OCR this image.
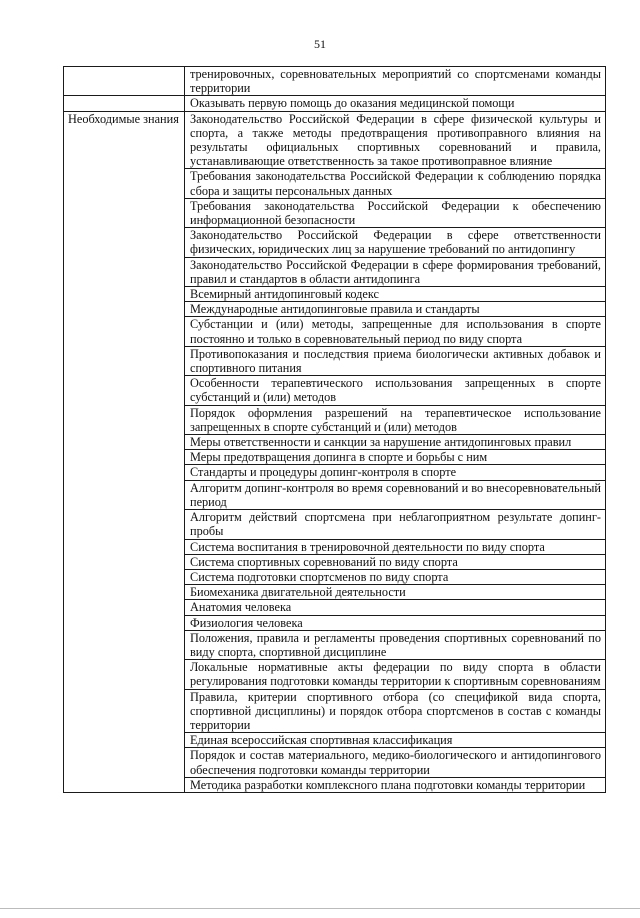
51
	тренировочных, соревновательных мероприятий со спортсменами команды территории
	Оказывать первую помощь до оказания медицинской помощи
Необходимые знания	Законодательство Российской Федерации в сфере физической культуры и спорта, а также методы предотвращения противоправного влияния на результаты официальных спортивных соревнований и правила, устанавливающие ответственность за такое противоправное влияние
	Требования законодательства Российской Федерации к соблюдению порядка сбора и защиты персональных данных
	Требования законодательства Российской Федерации к обеспечению информационной безопасности
	Законодательство Российской Федерации в сфере ответственности физических, юридических лиц за нарушение требований по антидопингу
	Законодательство Российской Федерации в сфере формирования требований, правил и стандартов в области антидопинга
	Всемирный антидопинговый кодекс
	Международные антидопинговые правила и стандарты
	Субстанции и (или) методы, запрещенные для использования в спорте постоянно и только в соревновательный период по виду спорта
	Противопоказания и последствия приема биологически активных добавок и спортивного питания
	Особенности терапевтического использования запрещенных в спорте субстанций и (или) методов
	Порядок оформления разрешений на терапевтическое использование запрещенных в спорте субстанций и (или) методов
	Меры ответственности и санкции за нарушение антидопинговых правил
	Меры предотвращения допинга в спорте и борьбы с ним
	Стандарты и процедуры допинг-контроля в спорте
	Алгоритм допинг-контроля во время соревнований и во внесоревновательный период
	Алгоритм действий спортсмена при неблагоприятном результате допинг-пробы
	Система воспитания в тренировочной деятельности по виду спорта
	Система спортивных соревнований по виду спорта
	Система подготовки спортсменов по виду спорта
	Биомеханика двигательной деятельности
	Анатомия человека
	Физиология человека
	Положения, правила и регламенты проведения спортивных соревнований по виду спорта, спортивной дисциплине
	Локальные нормативные акты федерации по виду спорта в области регулирования подготовки команды территории к спортивным соревнованиям
	Правила, критерии спортивного отбора (со спецификой вида спорта, спортивной дисциплины) и порядок отбора спортсменов в состав с команды территории
	Единая всероссийская спортивная классификация
	Порядок и состав материального, медико-биологического и антидопингового обеспечения подготовки команды территории
	Методика разработки комплексного плана подготовки команды территории
